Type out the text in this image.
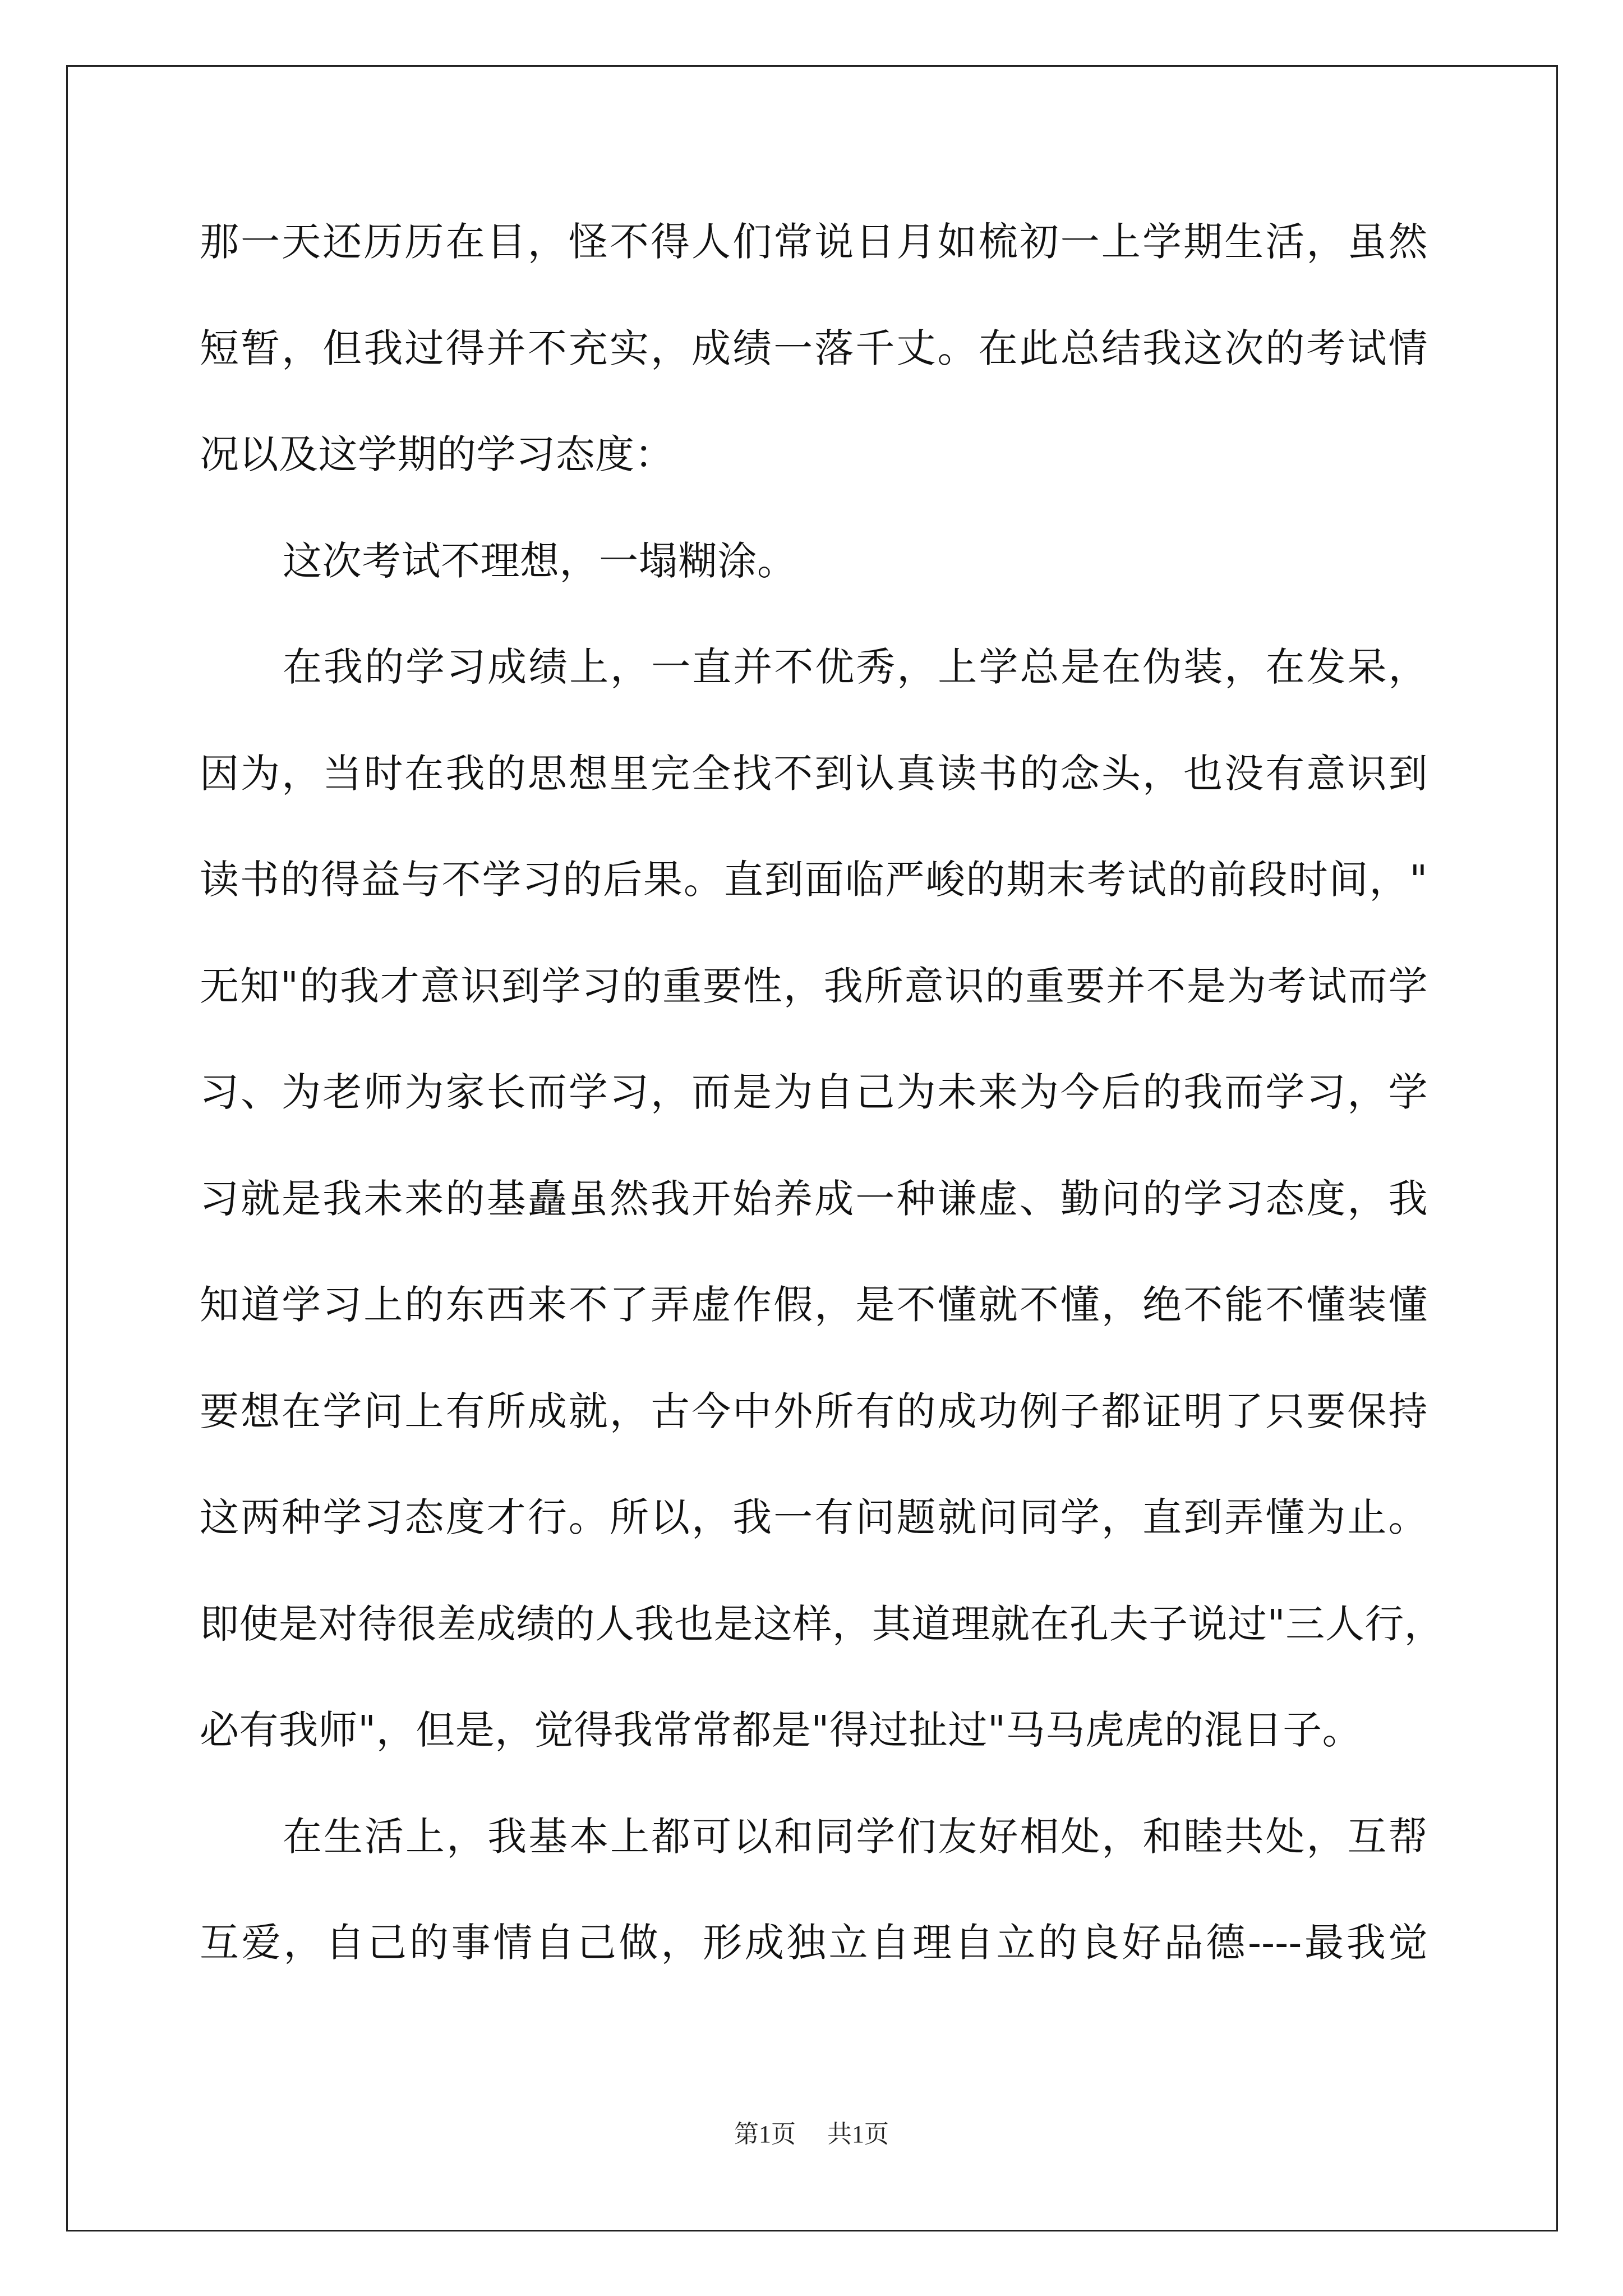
那一天还历历在目，怪不得人们常说日月如梳初一上学期生活，虽然
短暂，但我过得并不充实，成绩一落千丈。在此总结我这次的考试情
况以及这学期的学习态度：
这次考试不理想，一塌糊涂。
在我的学习成绩上，一直并不优秀，上学总是在伪装，在发呆，
因为，当时在我的思想里完全找不到认真读书的念头，也没有意识到
读书的得益与不学习的后果。直到面临严峻的期末考试的前段时间，"
无知"的我才意识到学习的重要性，我所意识的重要并不是为考试而学
习、为老师为家长而学习，而是为自己为未来为今后的我而学习，学
习就是我未来的基矗虽然我开始养成一种谦虚、勤问的学习态度，我
知道学习上的东西来不了弄虚作假，是不懂就不懂，绝不能不懂装懂
要想在学问上有所成就，古今中外所有的成功例子都证明了只要保持
这两种学习态度才行。所以，我一有问题就问同学，直到弄懂为止。
即使是对待很差成绩的人我也是这样，其道理就在孔夫子说过"三人行，
必有我师"，但是，觉得我常常都是"得过扯过"马马虎虎的混日子。
在生活上，我基本上都可以和同学们友好相处，和睦共处，互帮
互爱，自己的事情自己做，形成独立自理自立的良好品德----最我觉
第1页 共1页
